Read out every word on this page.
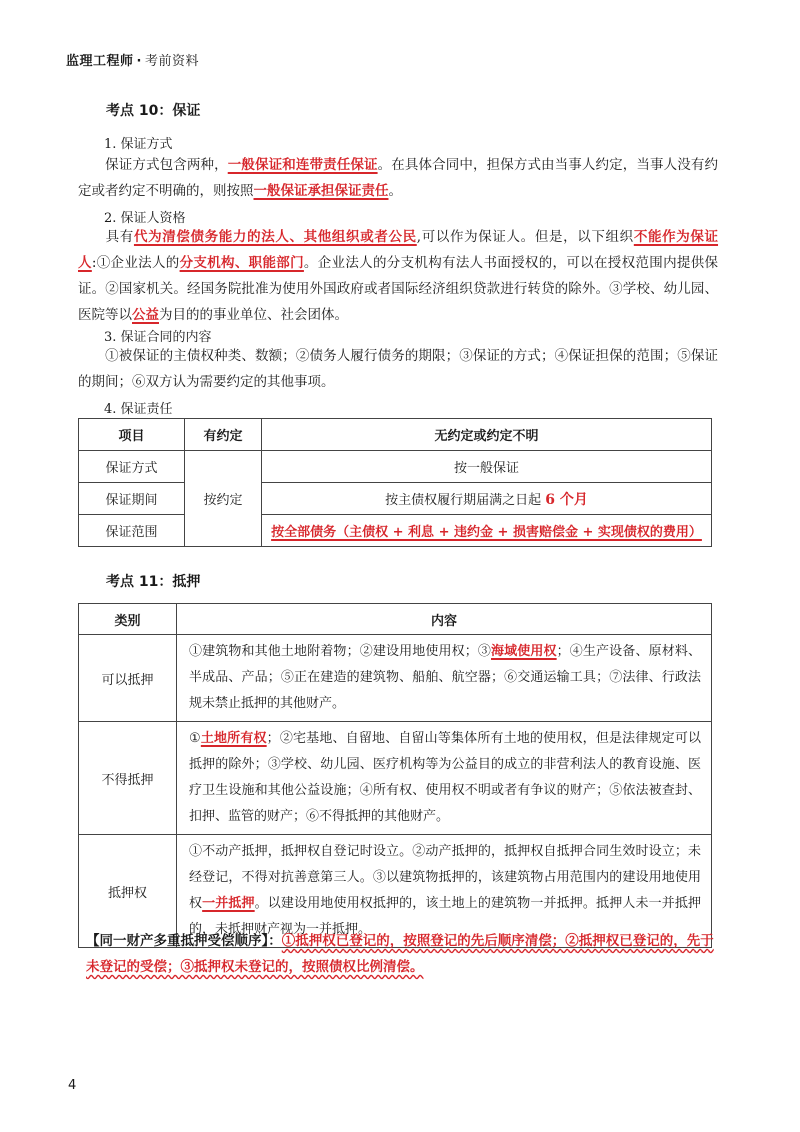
监理工程师 · 考前资料
考点 10：保证
1. 保证方式
保证方式包含两种，一般保证和连带责任保证。在具体合同中，担保方式由当事人约定，当事人没有约定或者约定不明确的，则按照一般保证承担保证责任。
2. 保证人资格
具有代为清偿债务能力的法人、其他组织或者公民,可以作为保证人。但是，以下组织不能作为保证人:①企业法人的分支机构、职能部门。企业法人的分支机构有法人书面授权的，可以在授权范围内提供保证。②国家机关。经国务院批准为使用外国政府或者国际经济组织贷款进行转贷的除外。③学校、幼儿园、医院等以公益为目的的事业单位、社会团体。
3. 保证合同的内容
①被保证的主债权种类、数额；②债务人履行债务的期限；③保证的方式；④保证担保的范围；⑤保证的期间；⑥双方认为需要约定的其他事项。
4. 保证责任
项目	有约定	无约定或约定不明
保证方式	按约定	按一般保证
保证期间		按主债权履行期届满之日起 6 个月
保证范围		按全部债务（主债权 + 利息 + 违约金 + 损害赔偿金 + 实现债权的费用）
考点 11：抵押
类别	内容
可以抵押	①建筑物和其他土地附着物；②建设用地使用权；③海域使用权；④生产设备、原材料、半成品、产品；⑤正在建造的建筑物、船舶、航空器；⑥交通运输工具；⑦法律、行政法规未禁止抵押的其他财产。
不得抵押	①土地所有权；②宅基地、自留地、自留山等集体所有土地的使用权，但是法律规定可以抵押的除外；③学校、幼儿园、医疗机构等为公益目的成立的非营利法人的教育设施、医疗卫生设施和其他公益设施；④所有权、使用权不明或者有争议的财产；⑤依法被查封、扣押、监管的财产；⑥不得抵押的其他财产。
抵押权	①不动产抵押，抵押权自登记时设立。②动产抵押的，抵押权自抵押合同生效时设立；未经登记，不得对抗善意第三人。③以建筑物抵押的，该建筑物占用范围内的建设用地使用权一并抵押。以建设用地使用权抵押的，该土地上的建筑物一并抵押。抵押人未一并抵押的，未抵押财产视为一并抵押。
【同一财产多重抵押受偿顺序】：①抵押权已登记的，按照登记的先后顺序清偿；②抵押权已登记的，先于未登记的受偿；③抵押权未登记的，按照债权比例清偿。
4
